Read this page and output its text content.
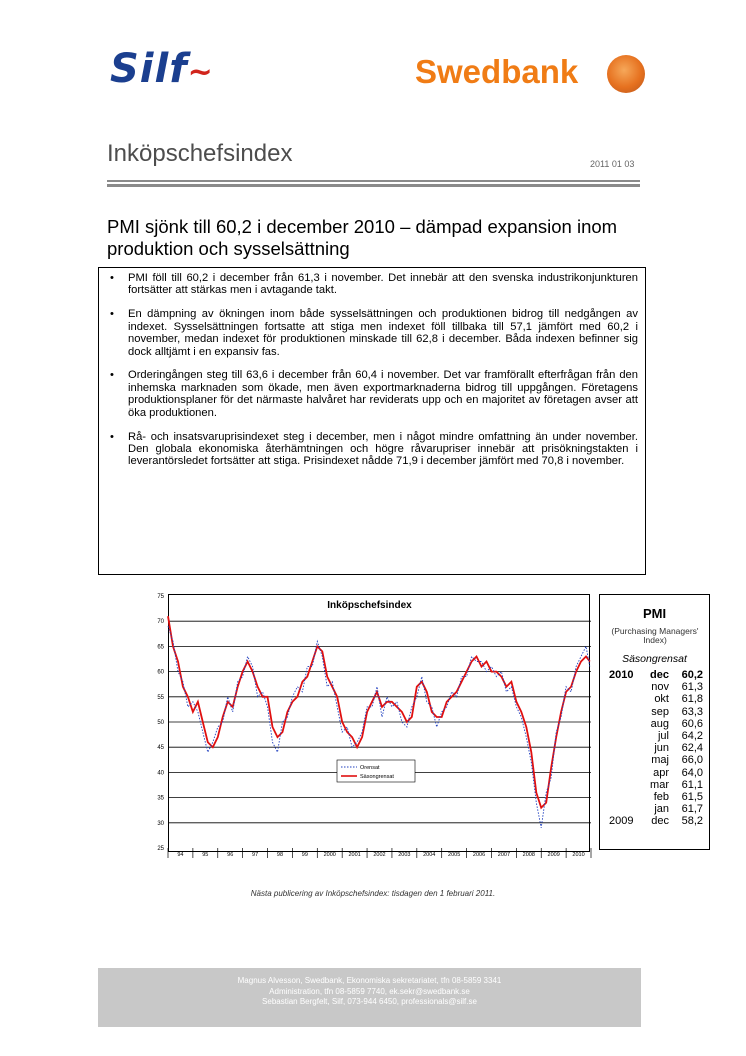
Silf~	Swedbank
Inköpschefsindex	2011 01 03
PMI sjönk till 60,2 i december 2010 – dämpad expansion inom produktion och sysselsättning
• PMI föll till 60,2 i december från 61,3 i november. Det innebär att den svenska industrikonjunkturen fortsätter att stärkas men i avtagande takt.
• En dämpning av ökningen inom både sysselsättningen och produktionen bidrog till nedgången av indexet. Sysselsättningen fortsatte att stiga men indexet föll tillbaka till 57,1 jämfört med 60,2 i november, medan indexet för produktionen minskade till 62,8 i december. Båda indexen befinner sig dock alltjämt i en expansiv fas.
• Orderingången steg till 63,6 i december från 60,4 i november. Det var framförallt efterfrågan från den inhemska marknaden som ökade, men även exportmarknaderna bidrog till uppgången. Företagens produktionsplaner för det närmaste halvåret har reviderats upp och en majoritet av företagen avser att öka produktionen.
• Rå- och insatsvaruprisindexet steg i december, men i något mindre omfattning än under november. Den globala ekonomiska återhämtningen och högre råvarupriser innebär att prisökningstakten i leverantörsledet fortsätter att stiga. Prisindexet nådde 71,9 i december jämfört med 70,8 i november.
25
30
35
40
45
50
55
60
65
70
75
94	95	96	97	98	99	2000 2001 2002 2003 2004 2005 2006 2007 2008 2009 2010
Inköpschefsindex
Orensat
Säsongrensat
PMI
(Purchasing Managers' Index)
Säsongrensat
2010 dec 60,2
nov 61,3
okt 61,8
sep 63,3
aug 60,6
jul 64,2
jun 62,4
maj 66,0
apr 64,0
mar 61,1
feb 61,5
jan 61,7
2009 dec 58,2
Nästa publicering av Inköpschefsindex: tisdagen den 1 februari 2011.
Magnus Alvesson, Swedbank, Ekonomiska sekretariatet, tfn 08-5859 3341
Administration, tfn 08-5859 7740, ek.sekr@swedbank.se
Sebastian Bergfelt, Silf, 073-944 6450, professionals@silf.se
